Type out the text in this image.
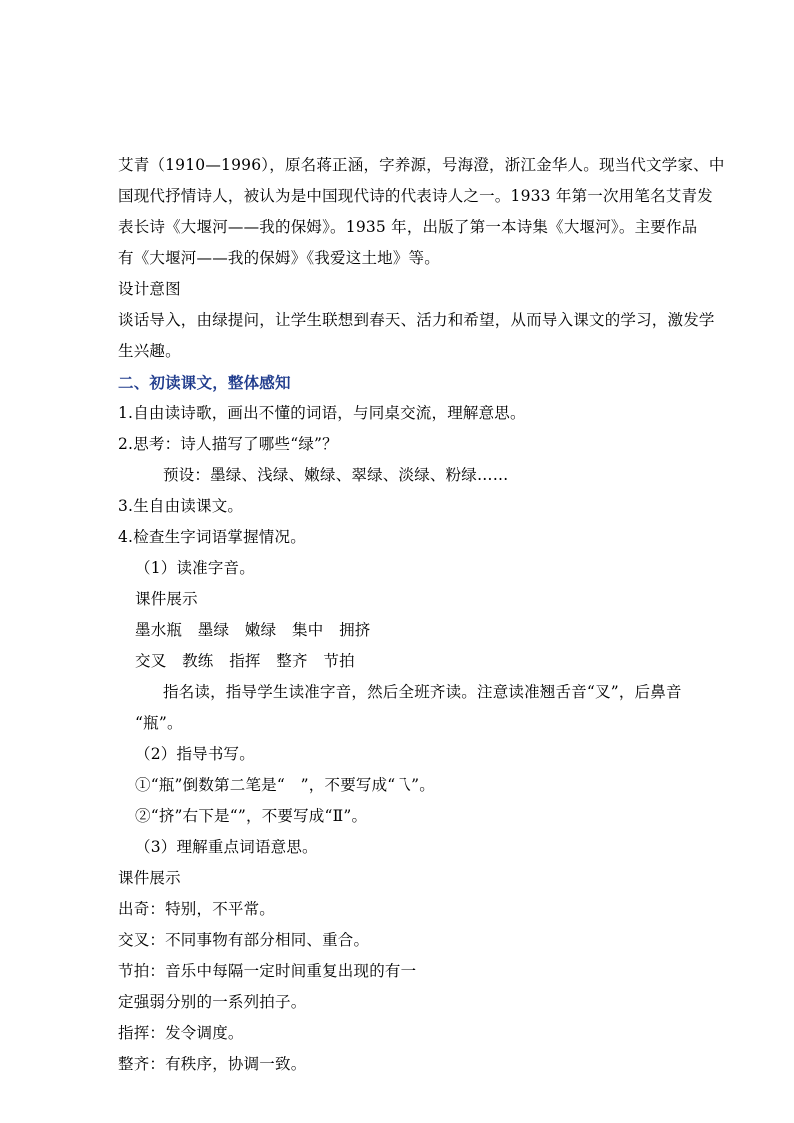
艾青（1910—1996），原名蒋正涵，字养源，号海澄，浙江金华人。现当代文学家、中
国现代抒情诗人，被认为是中国现代诗的代表诗人之一。1933 年第一次用笔名艾青发
表长诗《大堰河——我的保姆》。1935 年，出版了第一本诗集《大堰河》。主要作品
有《大堰河——我的保姆》《我爱这土地》等。
设计意图
谈话导入，由绿提问，让学生联想到春天、活力和希望，从而导入课文的学习，激发学
生兴趣。
二、初读课文，整体感知
1.自由读诗歌，画出不懂的词语，与同桌交流，理解意思。
2.思考：诗人描写了哪些“绿”？
预设：墨绿、浅绿、嫩绿、翠绿、淡绿、粉绿……
3.生自由读课文。
4.检查生字词语掌握情况。
（1）读准字音。
课件展示
墨水瓶　墨绿　嫩绿　集中　拥挤
交叉　教练　指挥　整齐　节拍
指名读，指导学生读准字音，然后全班齐读。注意读准翘舌音“叉”，后鼻音
“瓶”。
（2）指导书写。
①“瓶”倒数第二笔是“　”，不要写成“乁”。
②“挤”右下是“”，不要写成“Ⅱ”。
（3）理解重点词语意思。
课件展示
出奇：特别，不平常。
交叉：不同事物有部分相同、重合。
节拍：音乐中每隔一定时间重复出现的有一
定强弱分别的一系列拍子。
指挥：发令调度。
整齐：有秩序，协调一致。
